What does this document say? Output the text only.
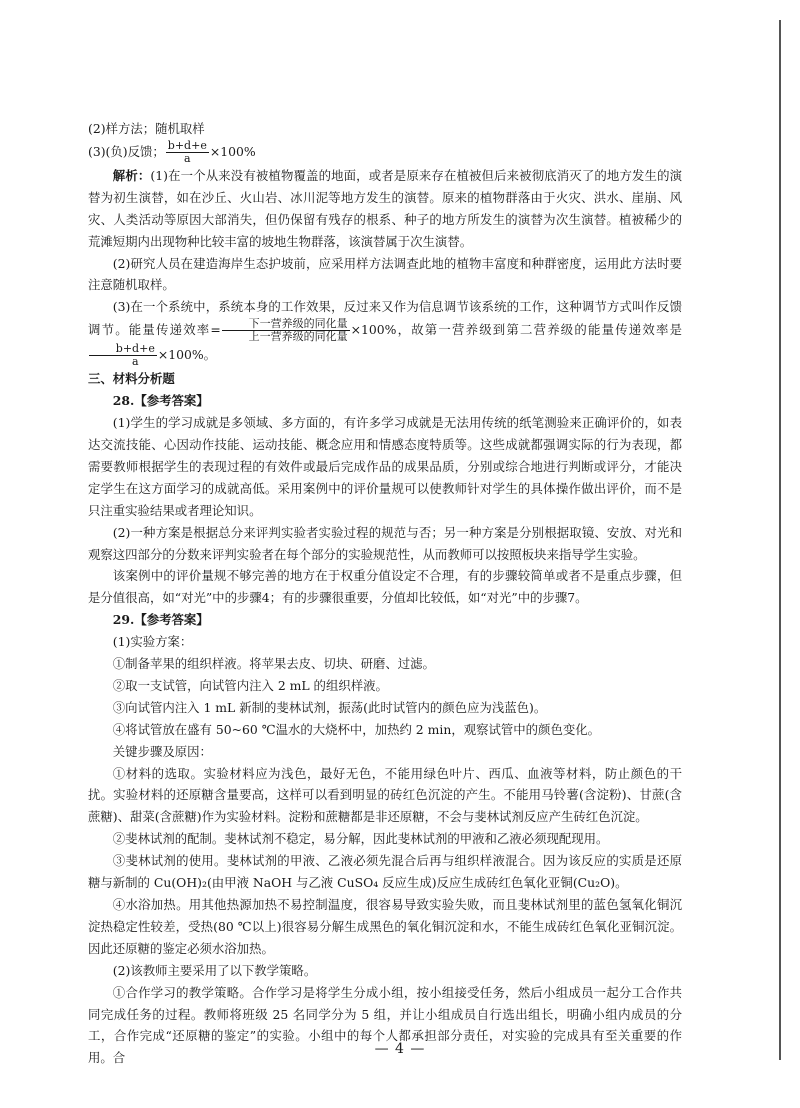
(2)样方法；随机取样

(3)(负)反馈； $\frac{b+d+e}{a} \times 100\%$

解析：(1)在一个从来没有被植物覆盖的地面，或者是原来存在植被但后来被彻底消灭了的地方发生的演替为初生演替，如在沙丘、火山岩、冰川泥等地方发生的演替。原来的植物群落由于火灾、洪水、崖崩、风灾、人类活动等原因大部消失，但仍保留有残存的根系、种子的地方所发生的演替为次生演替。植被稀少的荒滩短期内出现物种比较丰富的坡地生物群落，该演替属于次生演替。

(2)研究人员在建造海岸生态护坡前，应采用样方法调查此地的植物丰富度和种群密度，运用此方法时要注意随机取样。

(3)在一个系统中，系统本身的工作效果，反过来又作为信息调节该系统的工作，这种调节方式叫作反馈调节。能量传递效率= $\frac{\text{下一营养级的同化量}}{\text{上一营养级的同化量}} \times 100\%$，故第一营养级到第二营养级的能量传递效率是
$\frac{b+d+e}{a} \times 100\%$。

三、材料分析题

28.【参考答案】

(1)学生的学习成就是多领域、多方面的，有许多学习成就是无法用传统的纸笔测验来正确评价的，如表达交流技能、心因动作技能、运动技能、概念应用和情感态度特质等。这些成就都强调实际的行为表现，都需要教师根据学生的表现过程的有效件或最后完成作品的成果品质，分别或综合地进行判断或评分，才能决定学生在这方面学习的成就高低。采用案例中的评价量规可以使教师针对学生的具体操作做出评价，而不是只注重实验结果或者理论知识。

(2)一种方案是根据总分来评判实验者实验过程的规范与否；另一种方案是分别根据取镜、安放、对光和观察这四部分的分数来评判实验者在每个部分的实验规范性，从而教师可以按照板块来指导学生实验。

该案例中的评价量规不够完善的地方在于权重分值设定不合理，有的步骤较简单或者不是重点步骤，但是分值很高，如“对光”中的步骤4；有的步骤很重要，分值却比较低，如“对光”中的步骤7。

29.【参考答案】

(1)实验方案：

①制备苹果的组织样液。将苹果去皮、切块、研磨、过滤。

②取一支试管，向试管内注入 2 mL 的组织样液。

③向试管内注入 1 mL 新制的斐林试剂，振荡(此时试管内的颜色应为浅蓝色)。

④将试管放在盛有 50~60 ℃温水的大烧杯中，加热约 2 min，观察试管中的颜色变化。

关键步骤及原因：

①材料的选取。实验材料应为浅色，最好无色，不能用绿色叶片、西瓜、血液等材料，防止颜色的干扰。实验材料的还原糖含量要高，这样可以看到明显的砖红色沉淀的产生。不能用马铃薯(含淀粉)、甘蔗(含蔗糖)、甜菜(含蔗糖)作为实验材料。淀粉和蔗糖都是非还原糖，不会与斐林试剂反应产生砖红色沉淀。

②斐林试剂的配制。斐林试剂不稳定，易分解，因此斐林试剂的甲液和乙液必须现配现用。

③斐林试剂的使用。斐林试剂的甲液、乙液必须先混合后再与组织样液混合。因为该反应的实质是还原糖与新制的 Cu(OH)₂(由甲液 NaOH 与乙液 CuSO₄ 反应生成)反应生成砖红色氧化亚铜(Cu₂O)。

④水浴加热。用其他热源加热不易控制温度，很容易导致实验失败，而且斐林试剂里的蓝色氢氧化铜沉淀热稳定性较差，受热(80 ℃以上)很容易分解生成黑色的氧化铜沉淀和水，不能生成砖红色氧化亚铜沉淀。因此还原糖的鉴定必须水浴加热。

(2)该教师主要采用了以下教学策略。

①合作学习的教学策略。合作学习是将学生分成小组，按小组接受任务，然后小组成员一起分工合作共同完成任务的过程。教师将班级 25 名同学分为 5 组，并让小组成员自行选出组长，明确小组内成员的分工，合作完成“还原糖的鉴定”的实验。小组中的每个人都承担部分责任，对实验的完成具有至关重要的作用。合

— 4 —
